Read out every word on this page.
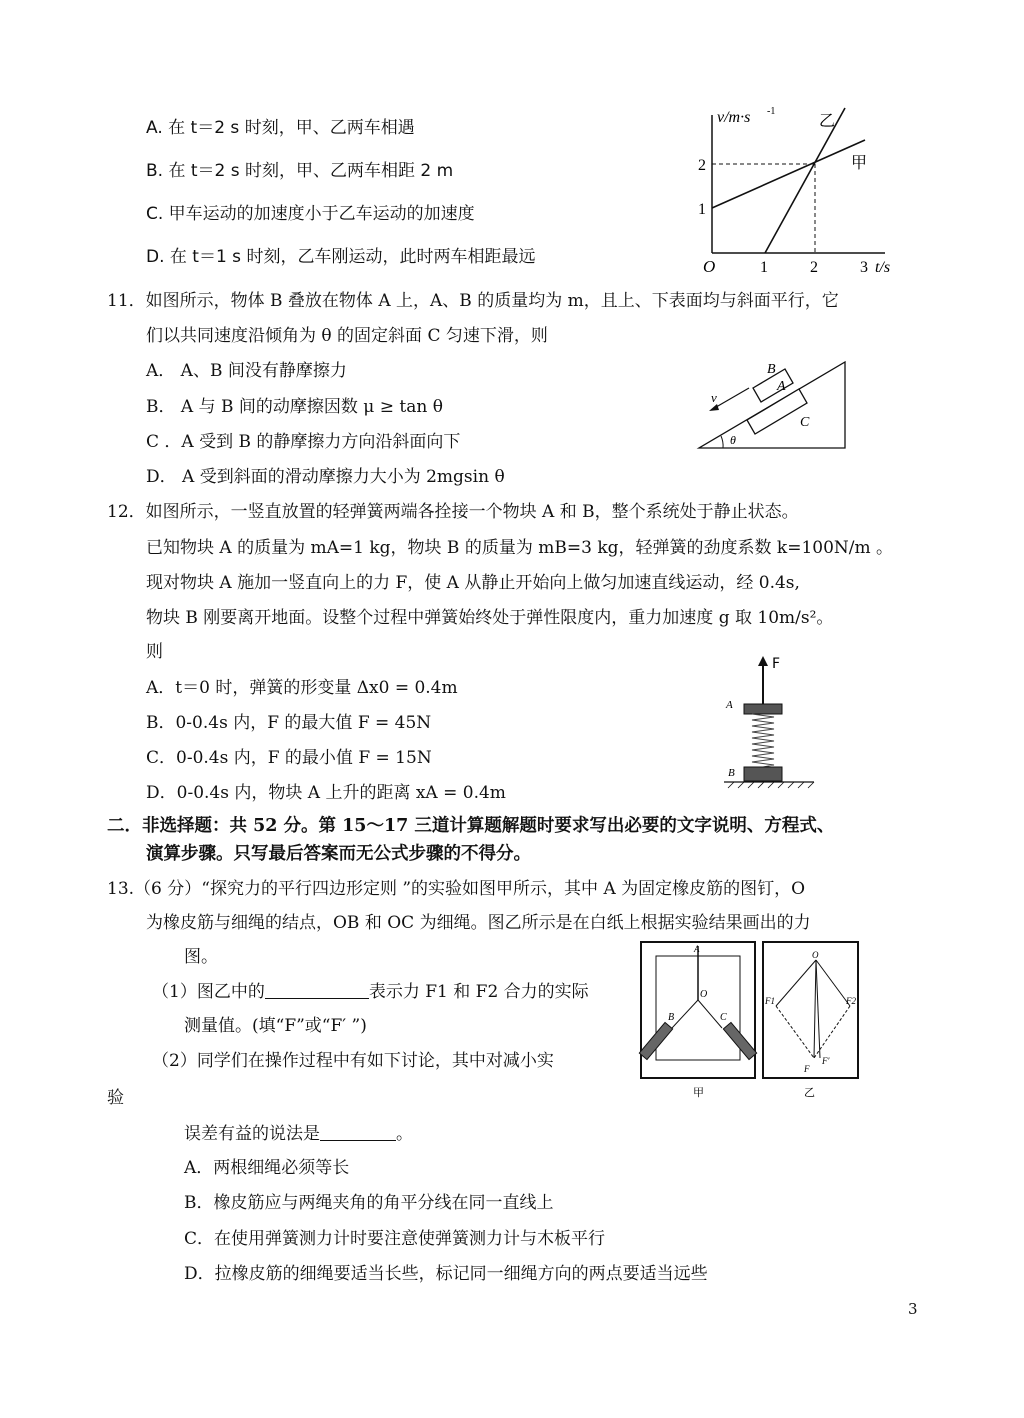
A. 在 t＝2 s 时刻，甲、乙两车相遇
B. 在 t＝2 s 时刻，甲、乙两车相距 2 m
C. 甲车运动的加速度小于乙车运动的加速度
D. 在 t＝1 s 时刻，乙车刚运动，此时两车相距最远
v/m·s -1
t/s
O	1	2	3
1
2
乙
甲
11．如图所示，物体 B 叠放在物体 A 上，A、B 的质量均为 m，且上、下表面均与斜面平行，它
们以共同速度沿倾角为 θ 的固定斜面 C 匀速下滑，则
A． A、B 间没有静摩擦力
B． A 与 B 间的动摩擦因数 μ ≥ tan θ
C ．A 受到 B 的静摩擦力方向沿斜面向下
D． A 受到斜面的滑动摩擦力大小为 2mgsin θ
B
A
C
v
θ
12．如图所示，一竖直放置的轻弹簧两端各拴接一个物块 A 和 B，整个系统处于静止状态。
已知物块 A 的质量为 mA=1 kg，物块 B 的质量为 mB=3 kg，轻弹簧的劲度系数 k=100N/m 。
现对物块 A 施加一竖直向上的力 F，使 A 从静止开始向上做匀加速直线运动，经 0.4s,
物块 B 刚要离开地面。设整个过程中弹簧始终处于弹性限度内，重力加速度 g 取 10m/s²。
则
A．t＝0 时，弹簧的形变量 Δx0 = 0.4m
B．0-0.4s 内，F 的最大值 F = 45N
C．0-0.4s 内，F 的最小值 F = 15N
D．0-0.4s 内，物块 A 上升的距离 xA = 0.4m
F
A
B
二．非选择题：共 52 分。第 15～17 三道计算题解题时要求写出必要的文字说明、方程式、
演算步骤。只写最后答案而无公式步骤的不得分。
13.（6 分）“探究力的平行四边形定则 ”的实验如图甲所示，其中 A 为固定橡皮筋的图钉，O
为橡皮筋与细绳的结点，OB 和 OC 为细绳。图乙所示是在白纸上根据实验结果画出的力
图。
（1）图乙中的	表示力 F1 和 F2 合力的实际
测量值。(填“F”或“F′ ”)
（2）同学们在操作过程中有如下讨论，其中对减小实
验
误差有益的说法是	。
A．两根细绳必须等长
B．橡皮筋应与两绳夹角的角平分线在同一直线上
C．在使用弹簧测力计时要注意使弹簧测力计与木板平行
D．拉橡皮筋的细绳要适当长些，标记同一细绳方向的两点要适当远些
A
O
B	C
甲
O
F1	F2
F
F′
乙
3
